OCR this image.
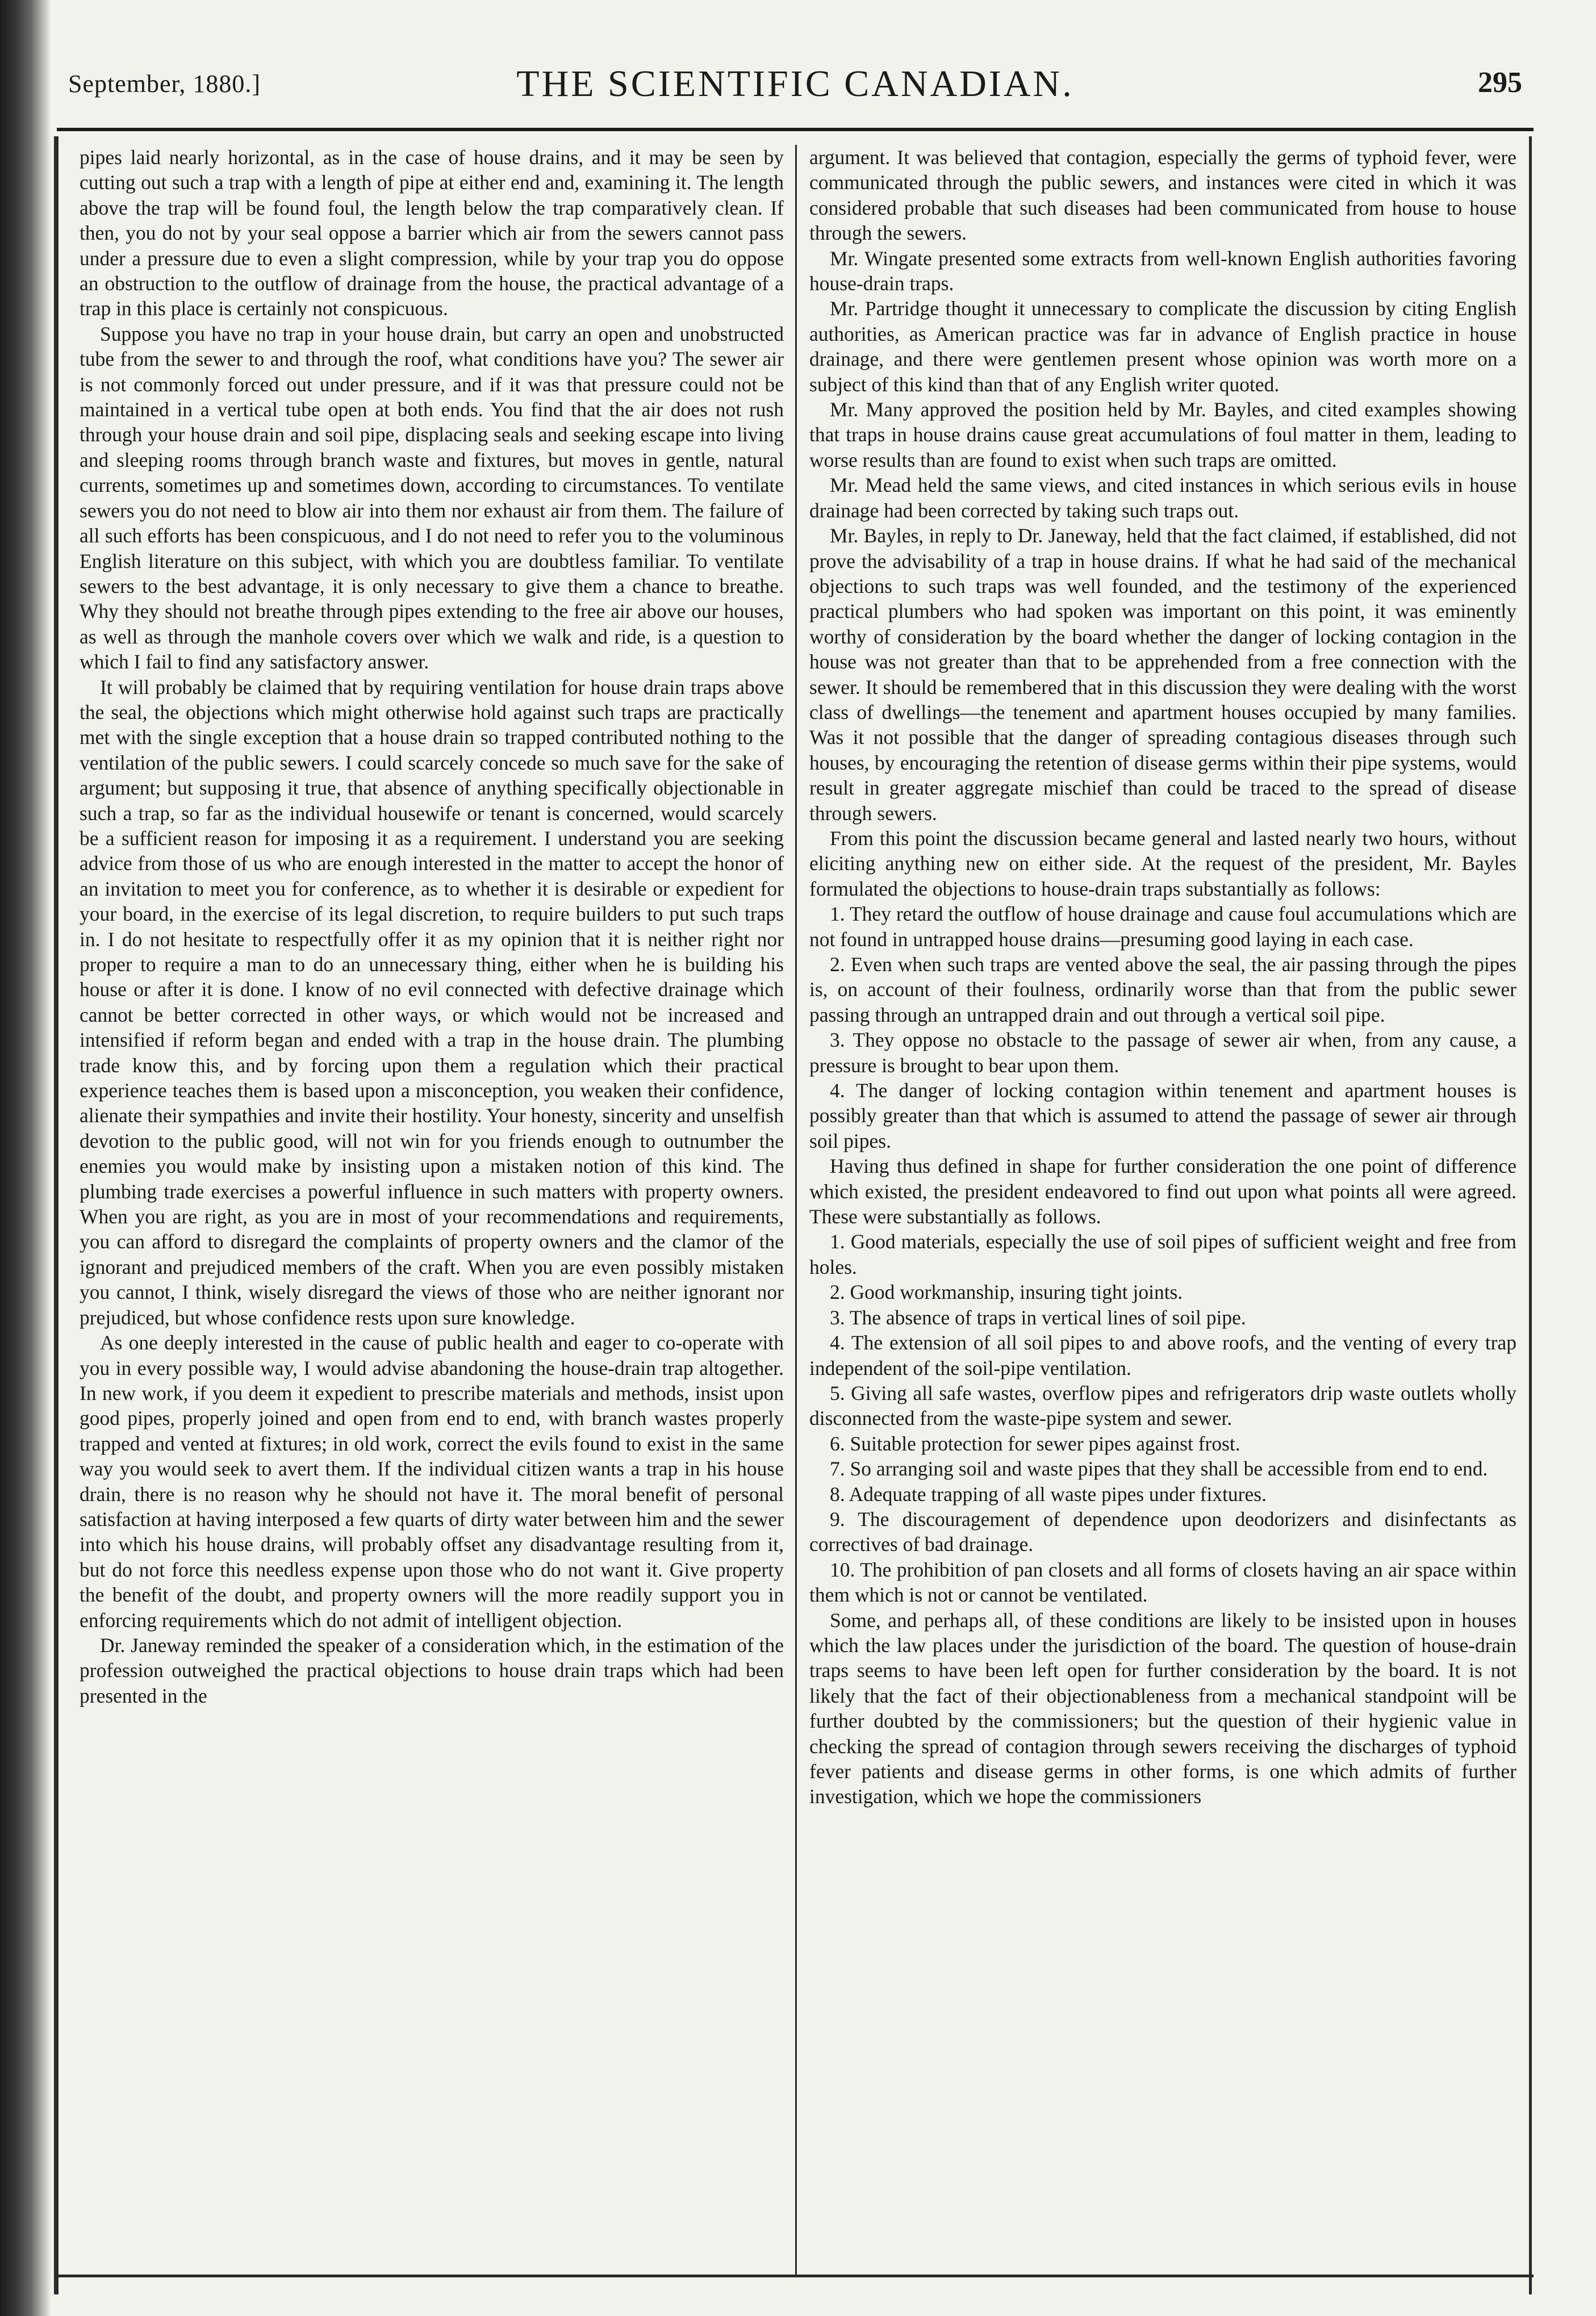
September, 1880.]	THE SCIENTIFIC CANADIAN.	295

pipes laid nearly horizontal, as in the case of house drains, and it may be seen by cutting out such a trap with a length of pipe at either end and, examining it. The length above the trap will be found foul, the length below the trap comparatively clean. If then, you do not by your seal oppose a barrier which air from the sewers cannot pass under a pressure due to even a slight compression, while by your trap you do oppose an obstruction to the outflow of drainage from the house, the practical advantage of a trap in this place is certainly not conspicuous.

Suppose you have no trap in your house drain, but carry an open and unobstructed tube from the sewer to and through the roof, what conditions have you? The sewer air is not commonly forced out under pressure, and if it was that pressure could not be maintained in a vertical tube open at both ends. You find that the air does not rush through your house drain and soil pipe, displacing seals and seeking escape into living and sleeping rooms through branch waste and fixtures, but moves in gentle, natural currents, sometimes up and sometimes down, according to circumstances. To ventilate sewers you do not need to blow air into them nor exhaust air from them. The failure of all such efforts has been conspicuous, and I do not need to refer you to the voluminous English literature on this subject, with which you are doubtless familiar. To ventilate sewers to the best advantage, it is only necessary to give them a chance to breathe. Why they should not breathe through pipes extending to the free air above our houses, as well as through the manhole covers over which we walk and ride, is a question to which I fail to find any satisfactory answer.

It will probably be claimed that by requiring ventilation for house drain traps above the seal, the objections which might otherwise hold against such traps are practically met with the single exception that a house drain so trapped contributed nothing to the ventilation of the public sewers. I could scarcely concede so much save for the sake of argument; but supposing it true, that absence of anything specifically objectionable in such a trap, so far as the individual housewife or tenant is concerned, would scarcely be a sufficient reason for imposing it as a requirement. I understand you are seeking advice from those of us who are enough interested in the matter to accept the honor of an invitation to meet you for conference, as to whether it is desirable or expedient for your board, in the exercise of its legal discretion, to require builders to put such traps in. I do not hesitate to respectfully offer it as my opinion that it is neither right nor proper to require a man to do an unnecessary thing, either when he is building his house or after it is done. I know of no evil connected with defective drainage which cannot be better corrected in other ways, or which would not be increased and intensified if reform began and ended with a trap in the house drain. The plumbing trade know this, and by forcing upon them a regulation which their practical experience teaches them is based upon a misconception, you weaken their confidence, alienate their sympathies and invite their hostility. Your honesty, sincerity and unselfish devotion to the public good, will not win for you friends enough to outnumber the enemies you would make by insisting upon a mistaken notion of this kind. The plumbing trade exercises a powerful influence in such matters with property owners. When you are right, as you are in most of your recommendations and requirements, you can afford to disregard the complaints of property owners and the clamor of the ignorant and prejudiced members of the craft. When you are even possibly mistaken you cannot, I think, wisely disregard the views of those who are neither ignorant nor prejudiced, but whose confidence rests upon sure knowledge.

As one deeply interested in the cause of public health and eager to co-operate with you in every possible way, I would advise abandoning the house-drain trap altogether. In new work, if you deem it expedient to prescribe materials and methods, insist upon good pipes, properly joined and open from end to end, with branch wastes properly trapped and vented at fixtures; in old work, correct the evils found to exist in the same way you would seek to avert them. If the individual citizen wants a trap in his house drain, there is no reason why he should not have it. The moral benefit of personal satisfaction at having interposed a few quarts of dirty water between him and the sewer into which his house drains, will probably offset any disadvantage resulting from it, but do not force this needless expense upon those who do not want it. Give property the benefit of the doubt, and property owners will the more readily support you in enforcing requirements which do not admit of intelligent objection.

Dr. Janeway reminded the speaker of a consideration which, in the estimation of the profession outweighed the practical objections to house drain traps which had been presented in the

argument. It was believed that contagion, especially the germs of typhoid fever, were communicated through the public sewers, and instances were cited in which it was considered probable that such diseases had been communicated from house to house through the sewers.

Mr. Wingate presented some extracts from well-known English authorities favoring house-drain traps.

Mr. Partridge thought it unnecessary to complicate the discussion by citing English authorities, as American practice was far in advance of English practice in house drainage, and there were gentlemen present whose opinion was worth more on a subject of this kind than that of any English writer quoted.

Mr. Many approved the position held by Mr. Bayles, and cited examples showing that traps in house drains cause great accumulations of foul matter in them, leading to worse results than are found to exist when such traps are omitted.

Mr. Mead held the same views, and cited instances in which serious evils in house drainage had been corrected by taking such traps out.

Mr. Bayles, in reply to Dr. Janeway, held that the fact claimed, if established, did not prove the advisability of a trap in house drains. If what he had said of the mechanical objections to such traps was well founded, and the testimony of the experienced practical plumbers who had spoken was important on this point, it was eminently worthy of consideration by the board whether the danger of locking contagion in the house was not greater than that to be apprehended from a free connection with the sewer. It should be remembered that in this discussion they were dealing with the worst class of dwellings—the tenement and apartment houses occupied by many families. Was it not possible that the danger of spreading contagious diseases through such houses, by encouraging the retention of disease germs within their pipe systems, would result in greater aggregate mischief than could be traced to the spread of disease through sewers.

From this point the discussion became general and lasted nearly two hours, without eliciting anything new on either side. At the request of the president, Mr. Bayles formulated the objections to house-drain traps substantially as follows:

1. They retard the outflow of house drainage and cause foul accumulations which are not found in untrapped house drains—presuming good laying in each case.

2. Even when such traps are vented above the seal, the air passing through the pipes is, on account of their foulness, ordinarily worse than that from the public sewer passing through an untrapped drain and out through a vertical soil pipe.

3. They oppose no obstacle to the passage of sewer air when, from any cause, a pressure is brought to bear upon them.

4. The danger of locking contagion within tenement and apartment houses is possibly greater than that which is assumed to attend the passage of sewer air through soil pipes.

Having thus defined in shape for further consideration the one point of difference which existed, the president endeavored to find out upon what points all were agreed. These were substantially as follows.

1. Good materials, especially the use of soil pipes of sufficient weight and free from holes.

2. Good workmanship, insuring tight joints.

3. The absence of traps in vertical lines of soil pipe.

4. The extension of all soil pipes to and above roofs, and the venting of every trap independent of the soil-pipe ventilation.

5. Giving all safe wastes, overflow pipes and refrigerators drip waste outlets wholly disconnected from the waste-pipe system and sewer.

6. Suitable protection for sewer pipes against frost.

7. So arranging soil and waste pipes that they shall be accessible from end to end.

8. Adequate trapping of all waste pipes under fixtures.

9. The discouragement of dependence upon deodorizers and disinfectants as correctives of bad drainage.

10. The prohibition of pan closets and all forms of closets having an air space within them which is not or cannot be ventilated.

Some, and perhaps all, of these conditions are likely to be insisted upon in houses which the law places under the jurisdiction of the board. The question of house-drain traps seems to have been left open for further consideration by the board. It is not likely that the fact of their objectionableness from a mechanical standpoint will be further doubted by the commissioners; but the question of their hygienic value in checking the spread of contagion through sewers receiving the discharges of typhoid fever patients and disease germs in other forms, is one which admits of further investigation, which we hope the commissioners
